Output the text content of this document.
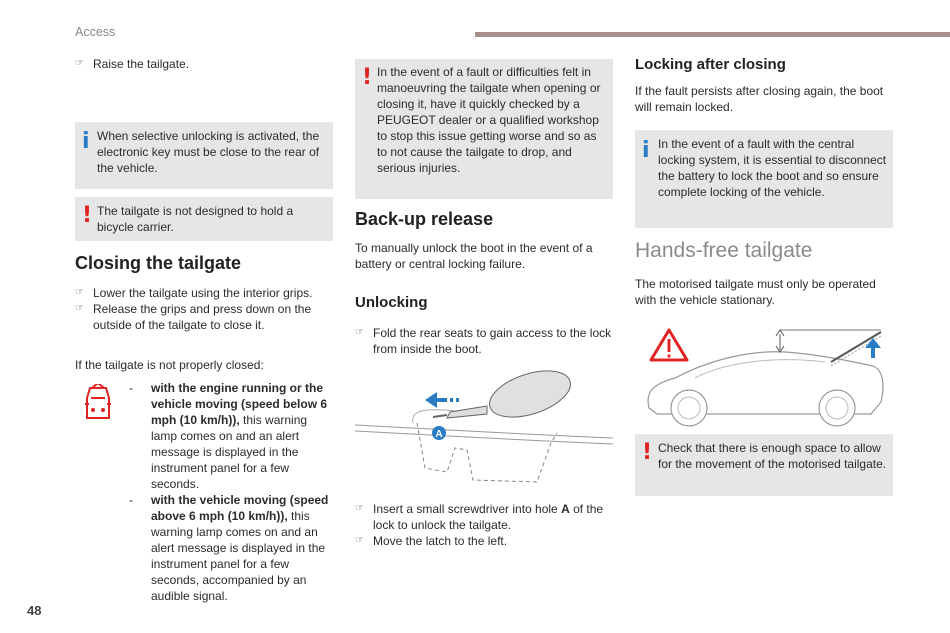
Access
☞ Raise the tailgate.
i When selective unlocking is activated, the electronic key must be close to the rear of the vehicle.
! The tailgate is not designed to hold a bicycle carrier.
Closing the tailgate
☞ Lower the tailgate using the interior grips.
☞ Release the grips and press down on the outside of the tailgate to close it.

If the tailgate is not properly closed:

- with the engine running or the vehicle moving (speed below 6 mph (10 km/h)), this warning lamp comes on and an alert message is displayed in the instrument panel for a few seconds.
- with the vehicle moving (speed above 6 mph (10 km/h)), this warning lamp comes on and an alert message is displayed in the instrument panel for a few seconds, accompanied by an audible signal.
48
! In the event of a fault or difficulties felt in manoeuvring the tailgate when opening or closing it, have it quickly checked by a PEUGEOT dealer or a qualified workshop to stop this issue getting worse and so as to not cause the tailgate to drop, and serious injuries.
Back-up release

To manually unlock the boot in the event of a battery or central locking failure.

Unlocking
☞ Fold the rear seats to gain access to the lock from inside the boot.
A
☞ Insert a small screwdriver into hole A of the lock to unlock the tailgate.
☞ Move the latch to the left.
Locking after closing

If the fault persists after closing again, the boot will remain locked.

i In the event of a fault with the central locking system, it is essential to disconnect the battery to lock the boot and so ensure complete locking of the vehicle.
Hands-free tailgate

The motorised tailgate must only be operated with the vehicle stationary.

! Check that there is enough space to allow for the movement of the motorised tailgate.
